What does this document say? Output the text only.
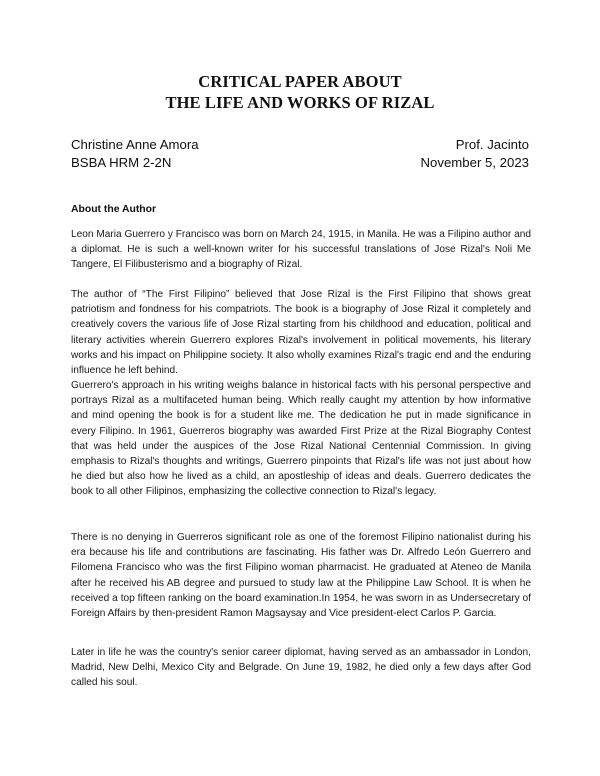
CRITICAL PAPER ABOUT
THE LIFE AND WORKS OF RIZAL
Christine Anne Amora
BSBA HRM 2-2N
Prof. Jacinto
November 5, 2023
About the Author

Leon Maria Guerrero y Francisco was born on March 24, 1915, in Manila. He was a Filipino author and a diplomat. He is such a well-known writer for his successful translations of Jose Rizal's Noli Me Tangere, El Filibusterismo and a biography of Rizal.

The author of “The First Filipino” believed that Jose Rizal is the First Filipino that shows great patriotism and fondness for his compatriots. The book is a biography of Jose Rizal it completely and creatively covers the various life of Jose Rizal starting from his childhood and education, political and literary activities wherein Guerrero explores Rizal's involvement in political movements, his literary works and his impact on Philippine society. It also wholly examines Rizal's tragic end and the enduring influence he left behind.

Guerrero's approach in his writing weighs balance in historical facts with his personal perspective and portrays Rizal as a multifaceted human being. Which really caught my attention by how informative and mind opening the book is for a student like me. The dedication he put in made significance in every Filipino. In 1961, Guerreros biography was awarded First Prize at the Rizal Biography Contest that was held under the auspices of the Jose Rizal National Centennial Commission. In giving emphasis to Rizal's thoughts and writings, Guerrero pinpoints that Rizal's life was not just about how he died but also how he lived as a child, an apostleship of ideas and deals. Guerrero dedicates the book to all other Filipinos, emphasizing the collective connection to Rizal's legacy.

There is no denying in Guerreros significant role as one of the foremost Filipino nationalist during his era because his life and contributions are fascinating. His father was Dr. Alfredo León Guerrero and Filomena Francisco who was the first Filipino woman pharmacist. He graduated at Ateneo de Manila after he received his AB degree and pursued to study law at the Philippine Law School. It is when he received a top fifteen ranking on the board examination.In 1954, he was sworn in as Undersecretary of Foreign Affairs by then-president Ramon Magsaysay and Vice president-elect Carlos P. Garcia.

Later in life he was the country's senior career diplomat, having served as an ambassador in London, Madrid, New Delhi, Mexico City and Belgrade. On June 19, 1982, he died only a few days after God called his soul.
